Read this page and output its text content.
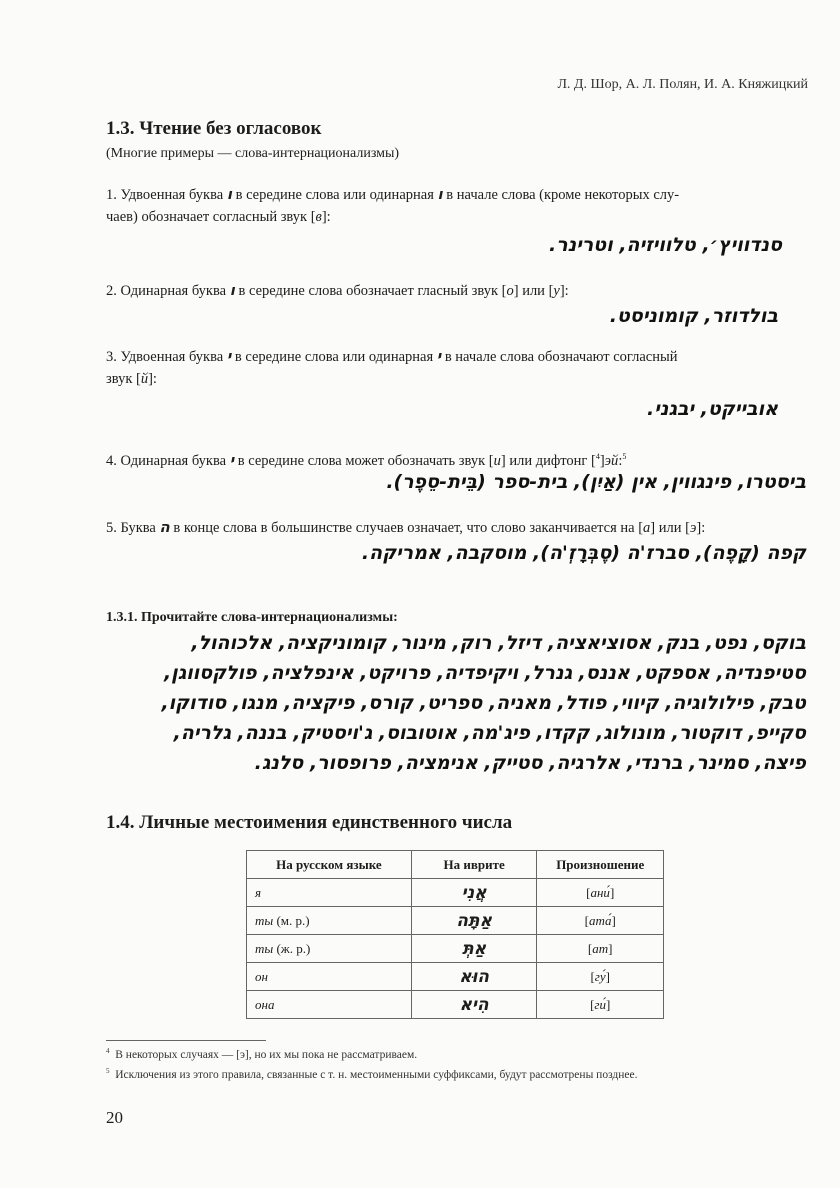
Л. Д. Шор, А. Л. Полян, И. А. Княжицкий
1.3. Чтение без огласовок
(Многие примеры — слова-интернационализмы)
1. Удвоенная буква ו в середине слова или одинарная ו в начале слова (кроме некоторых слу-
чаев) обозначает согласный звук [в]:
סנדוויץ׳, טלוויזיה, וטרינר.
2. Одинарная буква ו в середине слова обозначает гласный звук [о] или [у]:
בולדוזר, קומוניסט.
3. Удвоенная буква י в середине слова или одинарная י в начале слова обозначают согласный
звук [й]:
אובייקט, יבגני.
4. Одинарная буква י в середине слова может обозначать звук [и] или дифтонг [$^4$]эй:$^5$
ביסטרו, פינגווין, אין (אַיִן), בית-ספר (בֵּית-סֵפֶר).
5. Буква ה в конце слова в большинстве случаев означает, что слово заканчивается на [а] или [э]:
קפה (קָפֶה), סברז'ה (סֶבְּרָזְ'ה), מוסקבה, אמריקה.
1.3.1. Прочитайте слова-интернационализмы:
בוקס, נפט, בנק, אסוציאציה, דיזל, רוק, מינור, קומוניקציה, אלכוהול,
סטיפנדיה, אספקט, אננס, גנרל, ויקיפדיה, פרויקט, אינפלציה, פולקסווגן,
טבק, פילולוגיה, קיווי, פודל, מאניה, ספריט, קורס, פיקציה, מנגו, סודוקו,
סקייפ, דוקטור, מונולוג, קקדו, פיג'מה, אוטובוס, ג'ויסטיק, בננה, גלריה,
פיצה, סמינר, ברנדי, אלרגיה, סטייק, אנימציה, פרופסור, סלנג.
1.4. Личные местоимения единственного числа
На русском языке	На иврите	Произношение
я	אֲנִי	[ани́]
ты (м. р.)	אַתָּה	[ата́]
ты (ж. р.)	אַתְּ	[ат]
он	הוּא	[гу́]
она	הִיא	[ги́]
$^4$ В некоторых случаях — [э], но их мы пока не рассматриваем.
$^5$ Исключения из этого правила, связанные с т. н. местоименными суффиксами, будут рассмотрены позднее.
20
